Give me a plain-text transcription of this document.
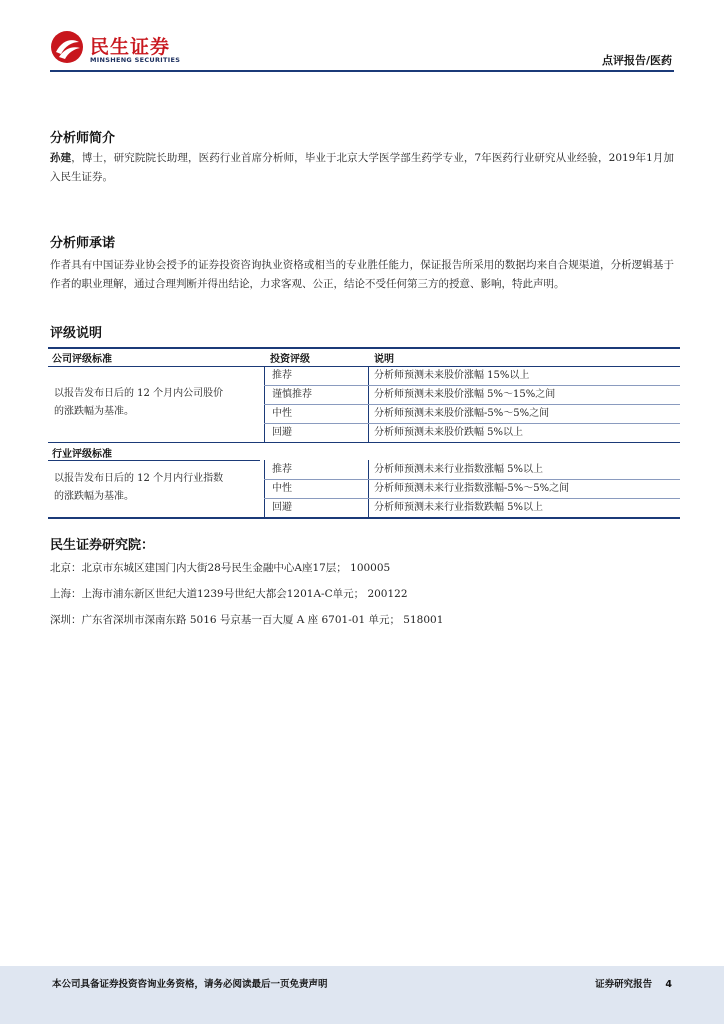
民生证券
MINSHENG SECURITIES	点评报告/医药
分析师简介
孙建，博士，研究院院长助理，医药行业首席分析师，毕业于北京大学医学部生药学专业，7年医药行业研究从业经验，2019年1月加入民生证券。
分析师承诺
作者具有中国证券业协会授予的证券投资咨询执业资格或相当的专业胜任能力，保证报告所采用的数据均来自合规渠道，分析逻辑基于作者的职业理解，通过合理判断并得出结论，力求客观、公正，结论不受任何第三方的授意、影响，特此声明。
评级说明
公司评级标准	投资评级	说明
以报告发布日后的 12 个月内公司股价
的涨跌幅为基准。
推荐	分析师预测未来股价涨幅 15%以上
谨慎推荐	分析师预测未来股价涨幅 5%～15%之间
中性	分析师预测未来股价涨幅-5%～5%之间
回避	分析师预测未来股价跌幅 5%以上
行业评级标准
以报告发布日后的 12 个月内行业指数
的涨跌幅为基准。
推荐	分析师预测未来行业指数涨幅 5%以上
中性	分析师预测未来行业指数涨幅-5%～5%之间
回避	分析师预测未来行业指数跌幅 5%以上
民生证券研究院：
北京：北京市东城区建国门内大街28号民生金融中心A座17层； 100005
上海：上海市浦东新区世纪大道1239号世纪大都会1201A-C单元； 200122
深圳：广东省深圳市深南东路 5016 号京基一百大厦 A 座 6701-01 单元； 518001
本公司具备证券投资咨询业务资格，请务必阅读最后一页免责声明	证券研究报告 4
